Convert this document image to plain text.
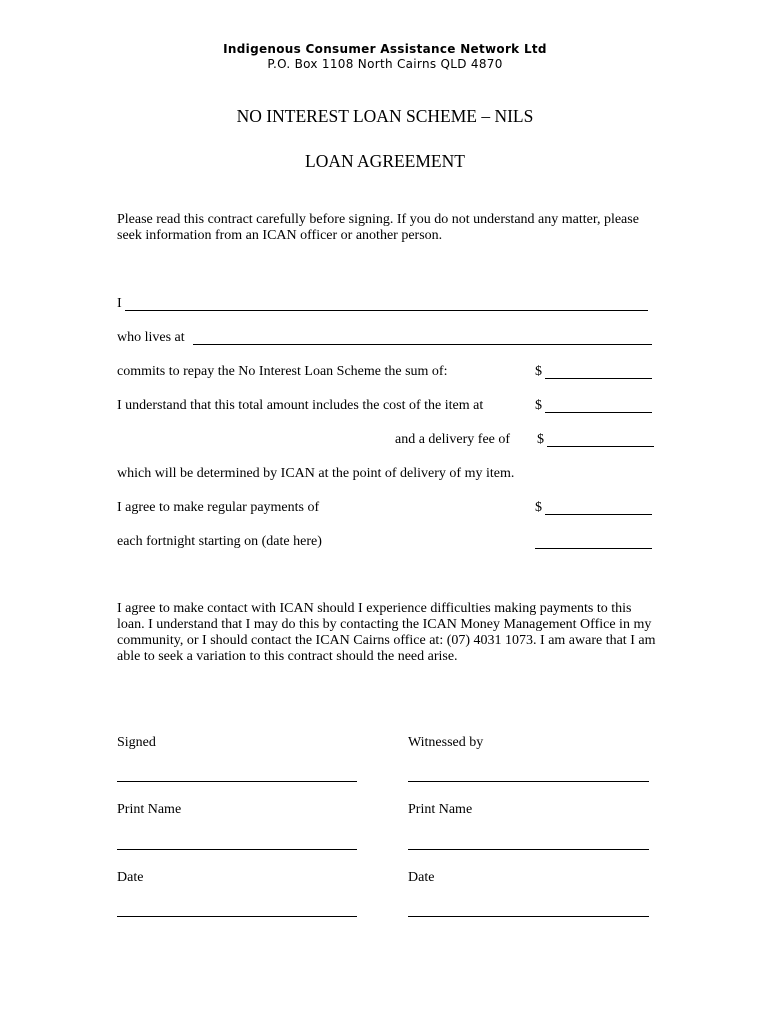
Indigenous Consumer Assistance Network Ltd
P.O. Box 1108 North Cairns QLD 4870
NO INTEREST LOAN SCHEME – NILS
LOAN AGREEMENT
Please read this contract carefully before signing. If you do not understand any matter, please seek information from an ICAN officer or another person.
I
who lives at
commits to repay the No Interest Loan Scheme the sum of:	$
I understand that this total amount includes the cost of the item at	$
and a delivery fee of $
which will be determined by ICAN at the point of delivery of my item.
I agree to make regular payments of	$
each fortnight starting on (date here)
I agree to make contact with ICAN should I experience difficulties making payments to this loan. I understand that I may do this by contacting the ICAN Money Management Office in my community, or I should contact the ICAN Cairns office at: (07) 4031 1073. I am aware that I am able to seek a variation to this contract should the need arise.
Signed	Witnessed by
Print Name	Print Name
Date	Date
